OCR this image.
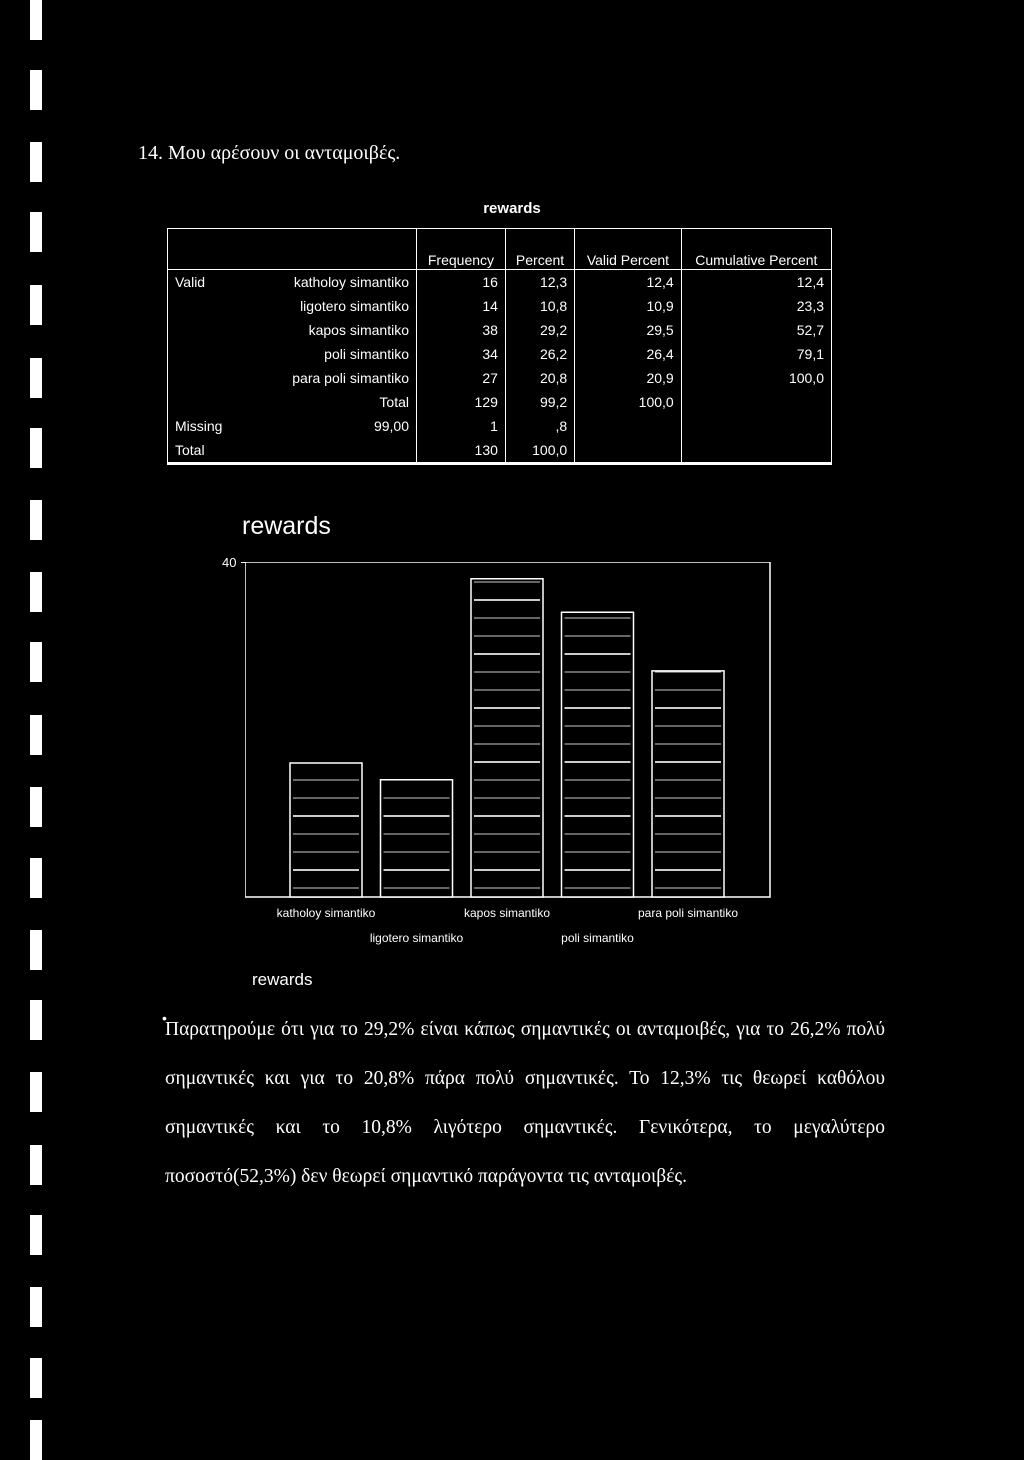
14. Μου αρέσουν οι ανταμοιβές.
rewards
		Frequency	Percent	Valid Percent	Cumulative Percent
Valid	katholoy simantiko	16	12,3	12,4	12,4
	ligotero simantiko	14	10,8	10,9	23,3
	kapos simantiko	38	29,2	29,5	52,7
	poli simantiko	34	26,2	26,4	79,1
	para poli simantiko	27	20,8	20,9	100,0
	Total	129	99,2	100,0	
Missing	99,00	1	,8		
Total		130	100,0		
rewards
40
katholoy simantiko
ligotero simantiko
kapos simantiko
poli simantiko
para poli simantiko
rewards
•
Παρατηρούμε ότι για το 29,2% είναι κάπως σημαντικές οι ανταμοιβές, για το 26,2% πολύ σημαντικές και για το 20,8% πάρα πολύ σημαντικές. Το 12,3% τις θεωρεί καθόλου σημαντικές και το 10,8% λιγότερο σημαντικές. Γενικότερα, το μεγαλύτερο ποσοστό(52,3%) δεν θεωρεί σημαντικό παράγοντα τις ανταμοιβές.
